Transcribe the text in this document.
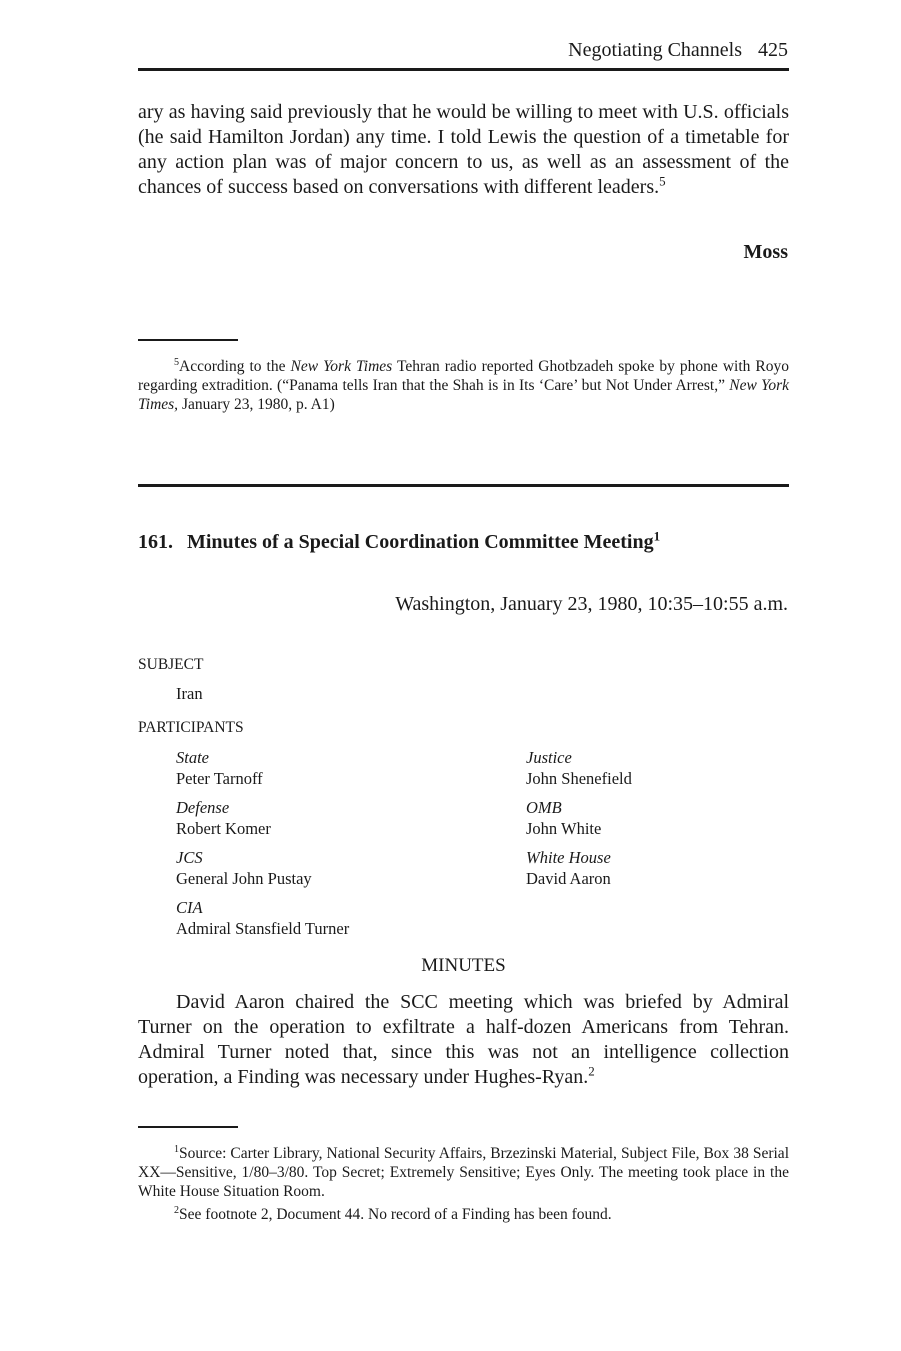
Negotiating Channels 425
ary as having said previously that he would be willing to meet with U.S. officials (he said Hamilton Jordan) any time. I told Lewis the question of a timetable for any action plan was of major concern to us, as well as an assessment of the chances of success based on conversations with different leaders.$^5$
Moss

$^5$According to the New York Times Tehran radio reported Ghotbzadeh spoke by phone with Royo regarding extradition. (“Panama tells Iran that the Shah is in Its ‘Care’ but Not Under Arrest,” New York Times, January 23, 1980, p. A1)

161. Minutes of a Special Coordination Committee Meeting$^1$
Washington, January 23, 1980, 10:35–10:55 a.m.
SUBJECT
Iran
PARTICIPANTS
State
Peter Tarnoff
Defense
Robert Komer
JCS
General John Pustay
CIA
Admiral Stansfield Turner
Justice
John Shenefield
OMB
John White
White House
David Aaron
MINUTES
David Aaron chaired the SCC meeting which was briefed by Admiral Turner on the operation to exfiltrate a half-dozen Americans from Tehran. Admiral Turner noted that, since this was not an intelligence collection operation, a Finding was necessary under Hughes-Ryan.$^2$

$^1$Source: Carter Library, National Security Affairs, Brzezinski Material, Subject File, Box 38 Serial XX—Sensitive, 1/80–3/80. Top Secret; Extremely Sensitive; Eyes Only. The meeting took place in the White House Situation Room.

$^2$See footnote 2, Document 44. No record of a Finding has been found.
